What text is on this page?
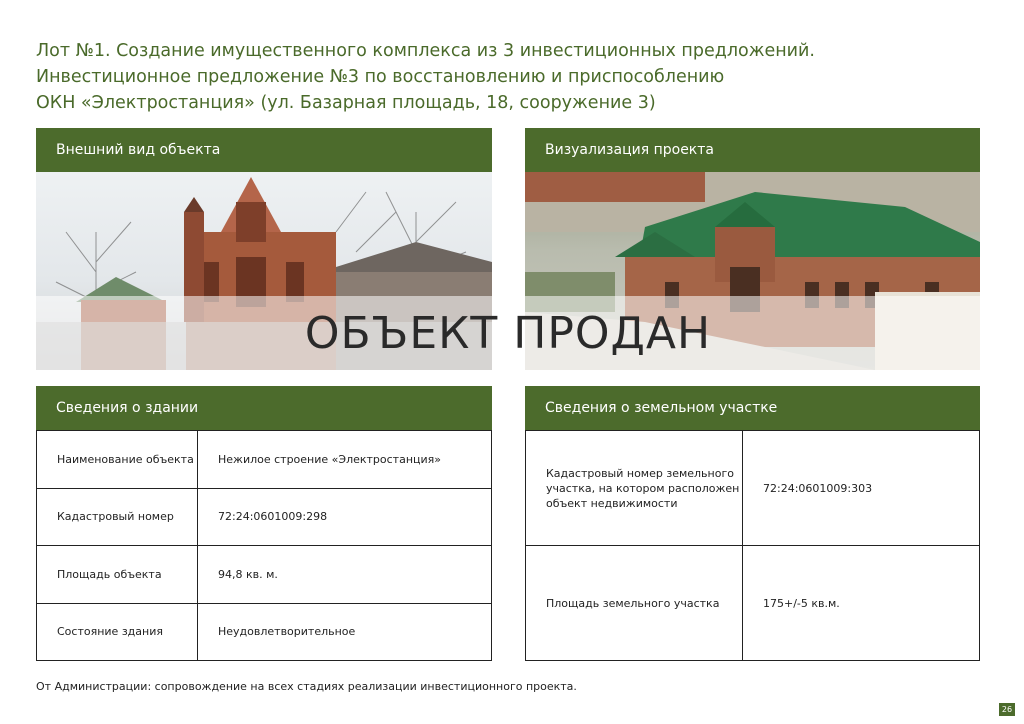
Лот №1. Создание имущественного комплекса из 3 инвестиционных предложений.
Инвестиционное предложение №3 по восстановлению и приспособлению
ОКН «Электростанция» (ул. Базарная площадь, 18, сооружение 3)
Внешний вид объекта	Визуализация проекта
ОБЪЕКТ ПРОДАН
Сведения о здании
Наименование объекта	Нежилое строение «Электростанция»
Кадастровый номер	72:24:0601009:298
Площадь объекта	94,8 кв. м.
Состояние здания	Неудовлетворительное
Сведения о земельном участке
Кадастровый номер земельного участка, на котором расположен объект недвижимости	72:24:0601009:303
Площадь земельного участка	175+/-5 кв.м.
От Администрации: сопровождение на всех стадиях реализации инвестиционного проекта.
26
